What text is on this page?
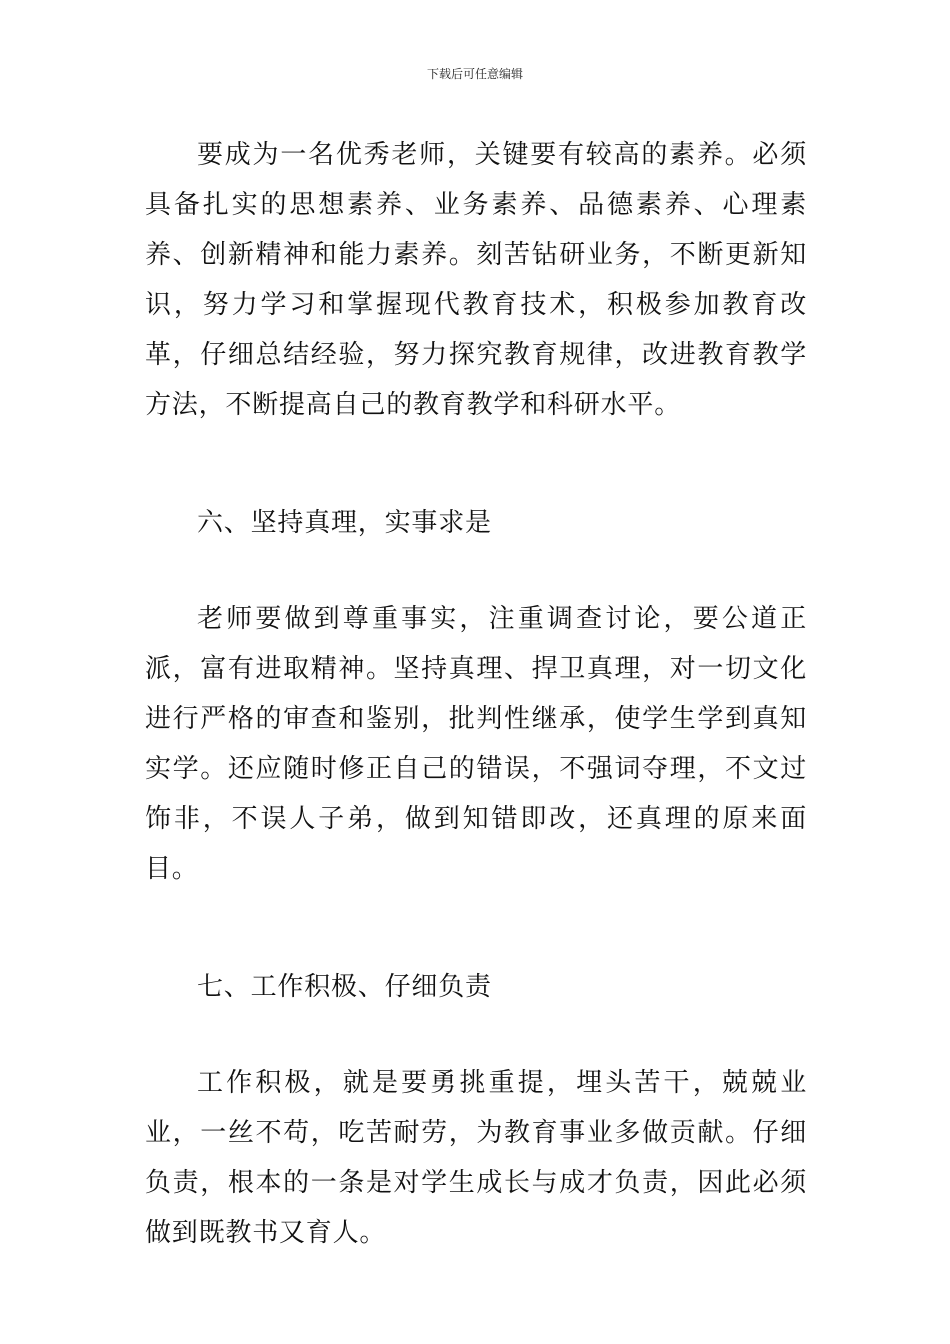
下载后可任意编辑

要成为一名优秀老师，关键要有较高的素养。必须具备扎实的思想素养、业务素养、品德素养、心理素养、创新精神和能力素养。刻苦钻研业务，不断更新知识，努力学习和掌握现代教育技术，积极参加教育改革，仔细总结经验，努力探究教育规律，改进教育教学方法，不断提高自己的教育教学和科研水平。

六、坚持真理，实事求是

老师要做到尊重事实，注重调查讨论，要公道正派，富有进取精神。坚持真理、捍卫真理，对一切文化进行严格的审查和鉴别，批判性继承，使学生学到真知实学。还应随时修正自己的错误，不强词夺理，不文过饰非，不误人子弟，做到知错即改，还真理的原来面目。

七、工作积极、仔细负责

工作积极，就是要勇挑重提，埋头苦干，兢兢业业，一丝不苟，吃苦耐劳，为教育事业多做贡献。仔细负责，根本的一条是对学生成长与成才负责，因此必须做到既教书又育人。
